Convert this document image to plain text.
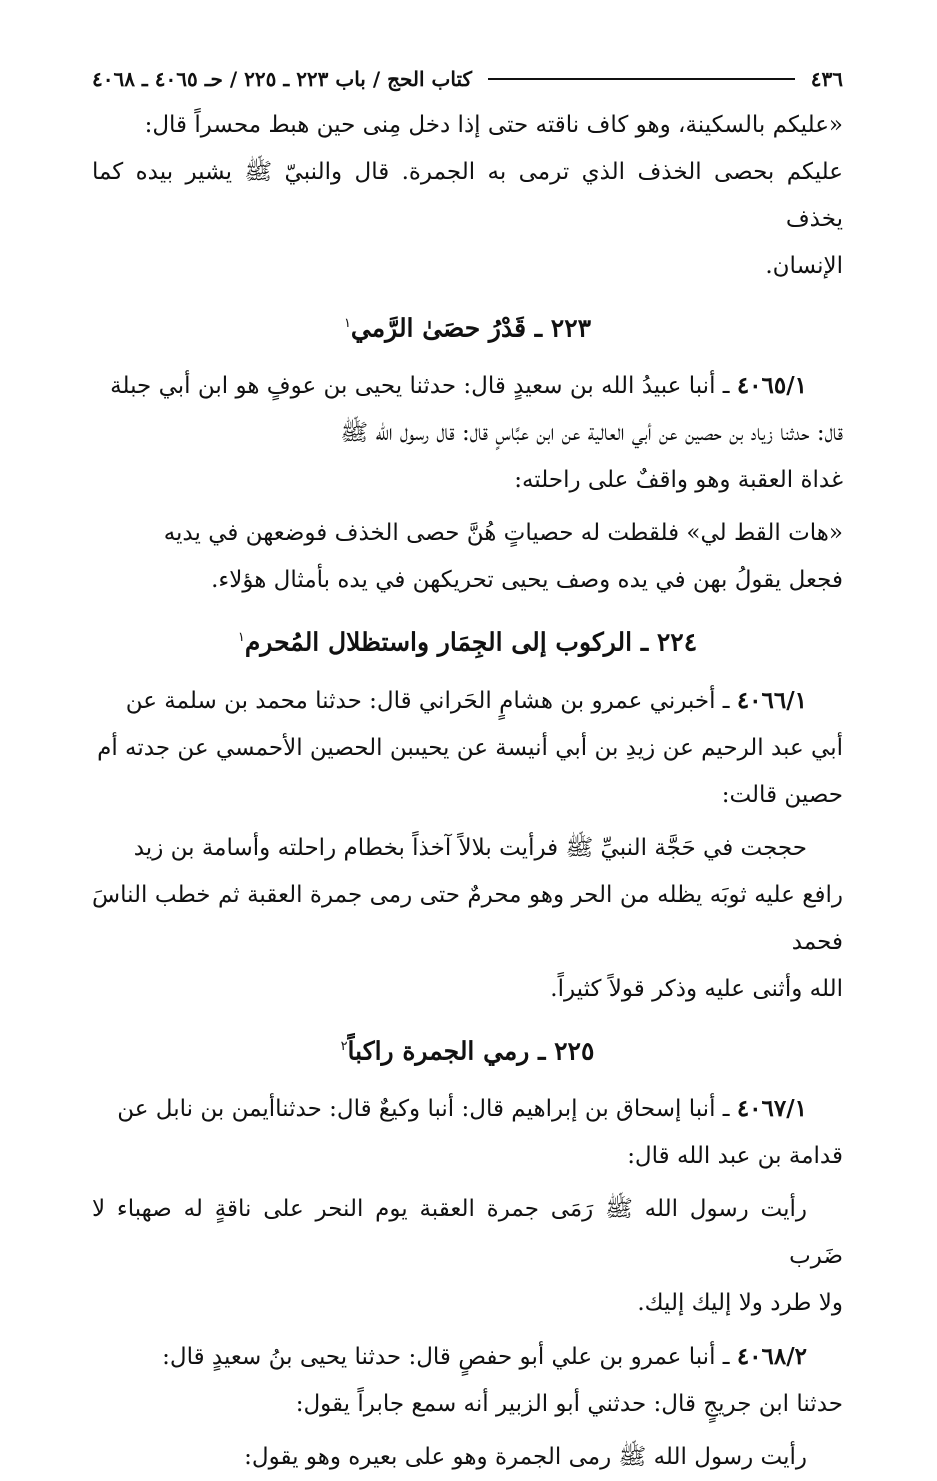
٤٣٦
كتاب الحج / باب ٢٢٣ ـ ٢٢٥ / حـ ٤٠٦٥ ـ ٤٠٦٨

«عليكم بالسكينة، وهو كاف ناقته حتى إذا دخل مِنى حين هبط محسراً قال:

عليكم بحصى الخذف الذي ترمى به الجمرة. قال والنبيّ ﷺ يشير بيده كما يخذف

الإنسان.

٢٢٣ ـ قَدْرُ حصَىٰ الرَّمي$^١$

٤٠٦٥/١ ـ أنبا عبيدُ الله بن سعيدٍ قال: حدثنا يحيى بن عوفٍ هو ابن أبي جبلة

قال: حدثنا زياد بن حصين عن أبي العالية عن ابن عبَّاسٍ قال: قال رسول الله ﷺ

غداة العقبة وهو واقفٌ على راحلته:

«هات القط لي» فلقطت له حصياتٍ هُنَّ حصى الخذف فوضعهن في يديه

فجعل يقولُ بهن في يده وصف يحيى تحريكهن في يده بأمثال هؤلاء.

٢٢٤ ـ الركوب إلى الجِمَار واستظلال المُحرم$^١$

٤٠٦٦/١ ـ أخبرني عمرو بن هشامٍ الحَراني قال: حدثنا محمد بن سلمة عن

أبي عبد الرحيم عن زيدِ بن أبي أنيسة عن يحيىبن الحصين الأحمسي عن جدته أم

حصين قالت:

حججت في حَجَّة النبيِّ ﷺ فرأيت بلالاً آخذاً بخطام راحلته وأسامة بن زيد

رافع عليه ثوبَه يظله من الحر وهو محرمٌ حتى رمى جمرة العقبة ثم خطب الناسَ فحمد

الله وأثنى عليه وذكر قولاً كثيراً.

٢٢٥ ـ رمي الجمرة راكباً$^٢$

٤٠٦٧/١ ـ أنبا إسحاق بن إبراهيم قال: أنبا وكيعٌ قال: حدثناأيمن بن نابل عن

قدامة بن عبد الله قال:

رأيت رسول الله ﷺ رَمَى جمرة العقبة يوم النحر على ناقةٍ له صهباء لا ضَرب

ولا طرد ولا إليك إليك.

٤٠٦٨/٢ ـ أنبا عمرو بن علي أبو حفصٍ قال: حدثنا يحيى بنُ سعيدٍ قال:

حدثنا ابن جريجٍ قال: حدثني أبو الزبير أنه سمع جابراً يقول:

رأيت رسول الله ﷺ رمى الجمرة وهو على بعيره وهو يقول:
